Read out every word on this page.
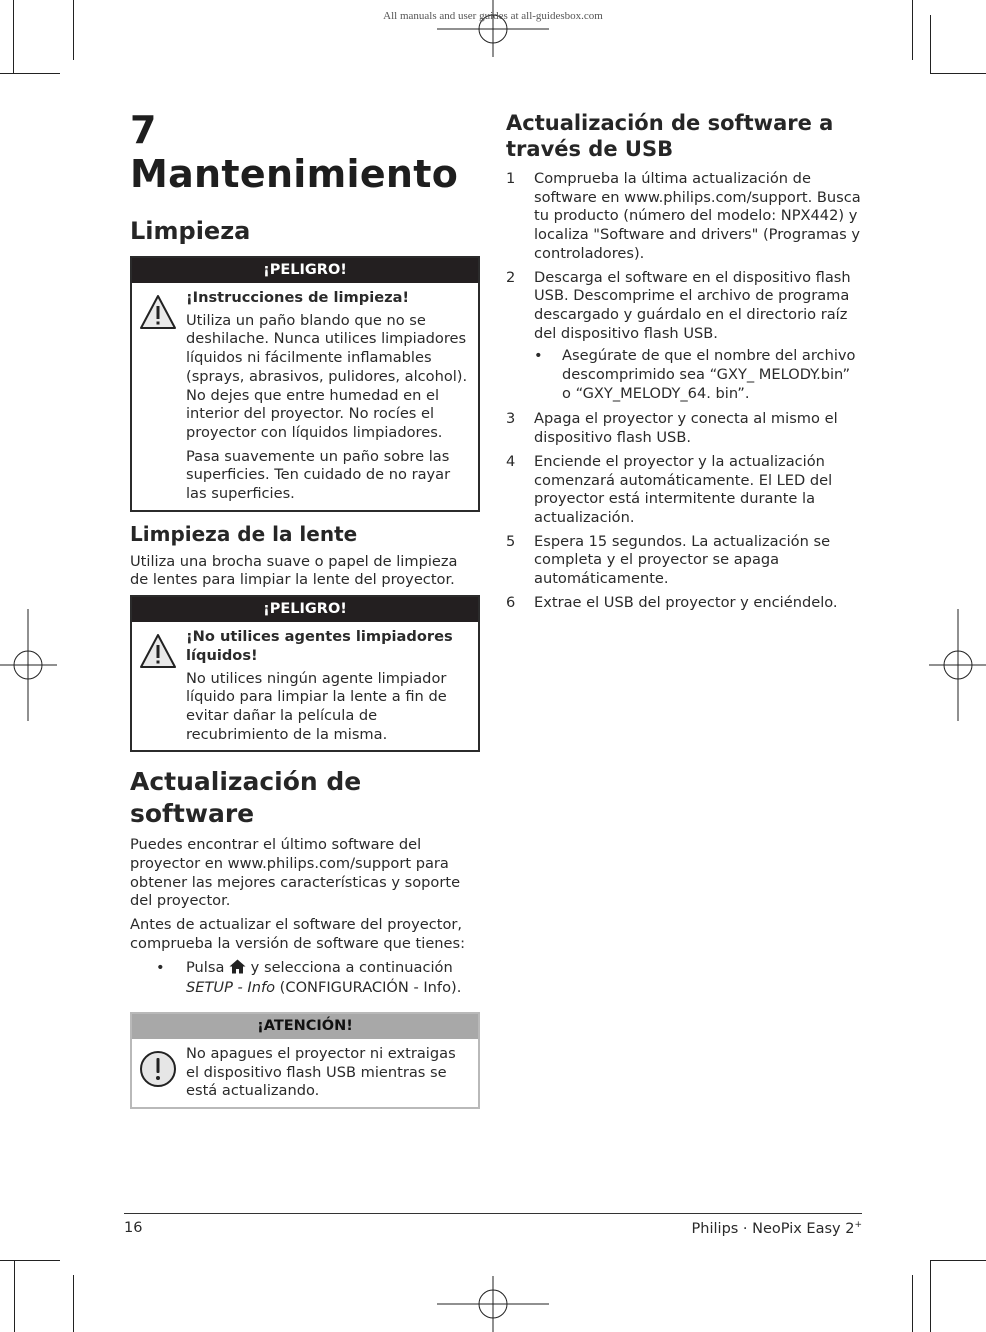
All manuals and user guides at all-guidesbox.com
7Mantenimiento
Limpieza
¡PELIGRO!

¡Instrucciones de limpieza!

Utiliza un paño blando que no se deshilache. Nunca utilices limpiadores líquidos ni fácilmente inflamables (sprays, abrasivos, pulidores, alcohol). No dejes que entre humedad en el interior del proyector. No rocíes el proyector con líquidos limpiadores.

Pasa suavemente un paño sobre las superficies. Ten cuidado de no rayar las superficies.

Limpieza de la lente

Utiliza una brocha suave o papel de limpieza de lentes para limpiar la lente del proyector.

¡PELIGRO!

¡No utilices agentes limpiadores líquidos!

No utilices ningún agente limpiador líquido para limpiar la lente a fin de evitar dañar la película de recubrimiento de la misma.

Actualización de software

Puedes encontrar el último software del proyector en www.philips.com/support para obtener las mejores características y soporte del proyector.

Antes de actualizar el software del proyector, comprueba la versión de software que tienes:

•	Pulsa  y selecciona a continuación SETUP - Info (CONFIGURACIÓN - Info).
¡ATENCIÓN!

No apagues el proyector ni extraigas el dispositivo flash USB mientras se está actualizando.

Actualización de software a través de USB
1	Comprueba la última actualización de software en www.philips.com/support. Busca tu producto (número del modelo: NPX442) y localiza "Software and drivers" (Programas y controladores).
2	Descarga el software en el dispositivo flash USB. Descomprime el archivo de programa descargado y guárdalo en el directorio raíz del dispositivo flash USB.
•	Asegúrate de que el nombre del archivo descomprimido sea “GXY_ MELODY.bin” o “GXY_MELODY_64. bin”.
3	Apaga el proyector y conecta al mismo el dispositivo flash USB.
4	Enciende el proyector y la actualización comenzará automáticamente. El LED del proyector está intermitente durante la actualización.
5	Espera 15 segundos. La actualización se completa y el proyector se apaga automáticamente.
6	Extrae el USB del proyector y enciéndelo.
16	Philips · NeoPix Easy 2+
